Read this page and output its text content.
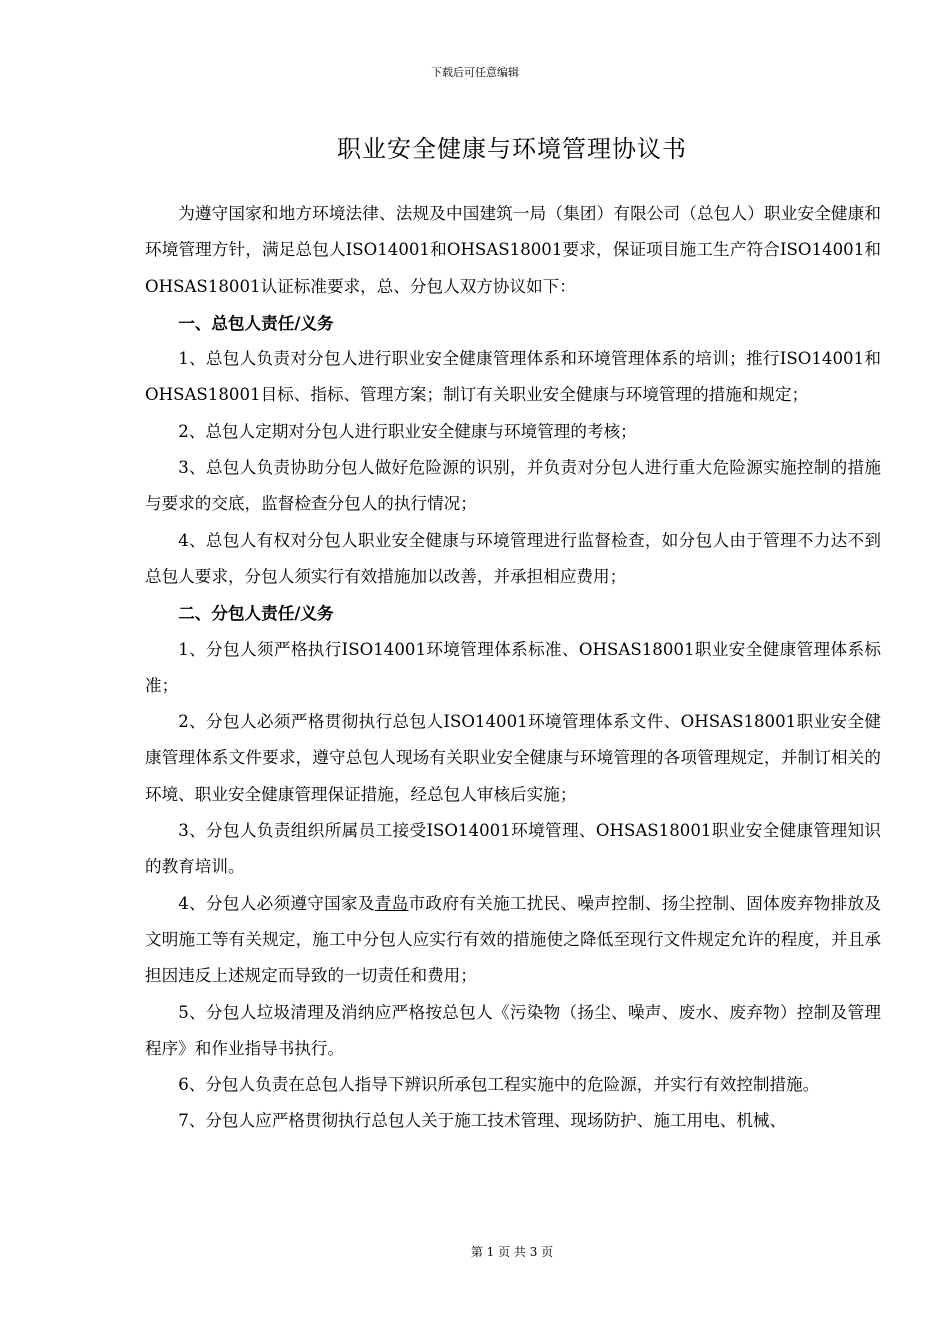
下载后可任意编辑
职业安全健康与环境管理协议书

为遵守国家和地方环境法律、法规及中国建筑一局（集团）有限公司（总包人）职业安全健康和环境管理方针，满足总包人ISO14001和OHSAS18001要求，保证项目施工生产符合ISO14001和OHSAS18001认证标准要求，总、分包人双方协议如下：

一、总包人责任/义务

1、总包人负责对分包人进行职业安全健康管理体系和环境管理体系的培训；推行ISO14001和OHSAS18001目标、指标、管理方案；制订有关职业安全健康与环境管理的措施和规定；

2、总包人定期对分包人进行职业安全健康与环境管理的考核；

3、总包人负责协助分包人做好危险源的识别，并负责对分包人进行重大危险源实施控制的措施与要求的交底，监督检查分包人的执行情况；

4、总包人有权对分包人职业安全健康与环境管理进行监督检查，如分包人由于管理不力达不到总包人要求，分包人须实行有效措施加以改善，并承担相应费用；

二、分包人责任/义务

1、分包人须严格执行ISO14001环境管理体系标准、OHSAS18001职业安全健康管理体系标准；

2、分包人必须严格贯彻执行总包人ISO14001环境管理体系文件、OHSAS18001职业安全健康管理体系文件要求，遵守总包人现场有关职业安全健康与环境管理的各项管理规定，并制订相关的环境、职业安全健康管理保证措施，经总包人审核后实施；

3、分包人负责组织所属员工接受ISO14001环境管理、OHSAS18001职业安全健康管理知识的教育培训。

4、分包人必须遵守国家及青岛市政府有关施工扰民、噪声控制、扬尘控制、固体废弃物排放及文明施工等有关规定，施工中分包人应实行有效的措施使之降低至现行文件规定允许的程度，并且承担因违反上述规定而导致的一切责任和费用；

5、分包人垃圾清理及消纳应严格按总包人《污染物（扬尘、噪声、废水、废弃物）控制及管理程序》和作业指导书执行。

6、分包人负责在总包人指导下辨识所承包工程实施中的危险源，并实行有效控制措施。

7、分包人应严格贯彻执行总包人关于施工技术管理、现场防护、施工用电、机械、

第 1 页 共 3 页
